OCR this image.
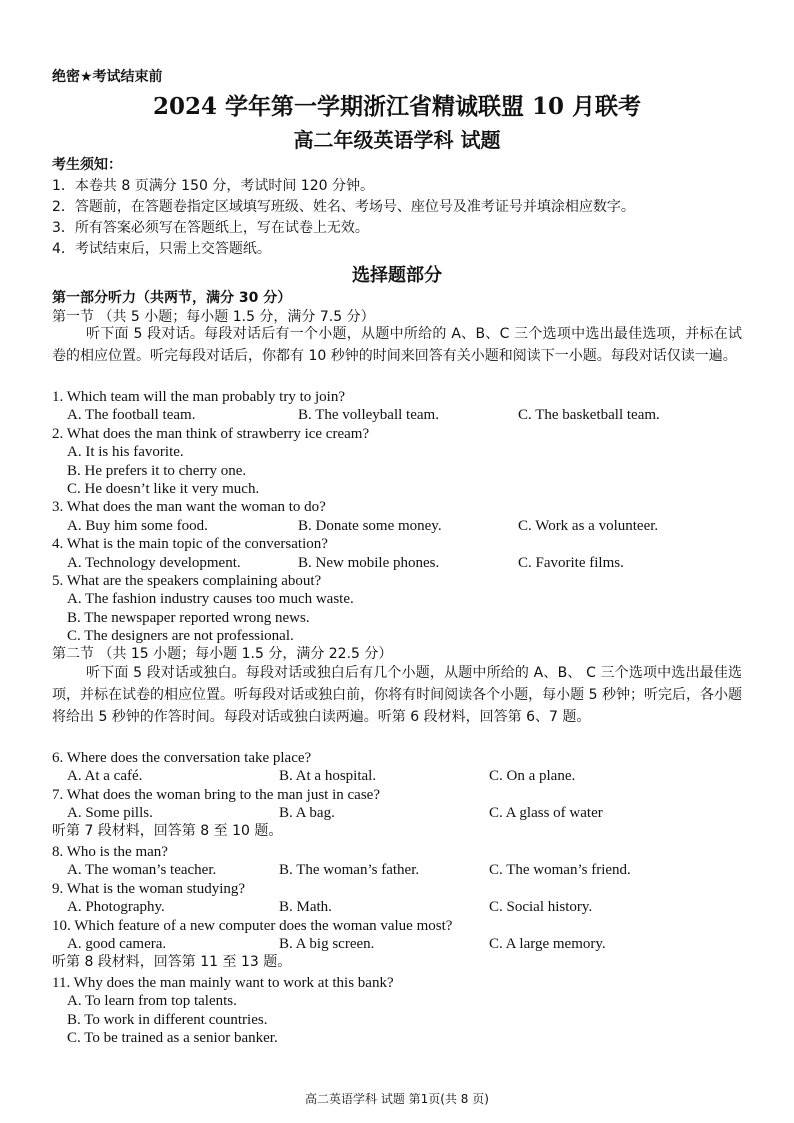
绝密★考试结束前
2024 学年第一学期浙江省精诚联盟 10 月联考
高二年级英语学科 试题
考生须知：
1．本卷共 8 页满分 150 分，考试时间 120 分钟。
2．答题前，在答题卷指定区域填写班级、姓名、考场号、座位号及准考证号并填涂相应数字。
3．所有答案必须写在答题纸上，写在试卷上无效。
4．考试结束后，只需上交答题纸。
选择题部分
第一部分听力（共两节，满分 30 分）
第一节 （共 5 小题；每小题 1.5 分，满分 7.5 分）

听下面 5 段对话。每段对话后有一个小题，从题中所给的 A、B、C 三个选项中选出最佳选项，并标在试卷的相应位置。听完每段对话后，你都有 10 秒钟的时间来回答有关小题和阅读下一小题。每段对话仅读一遍。

1. Which team will the man probably try to join?
A. The football team.	B. The volleyball team.	C. The basketball team.
2. What does the man think of strawberry ice cream?
A. It is his favorite.
B. He prefers it to cherry one.
C. He doesn’t like it very much.
3. What does the man want the woman to do?
A. Buy him some food.	B. Donate some money.	C. Work as a volunteer.
4. What is the main topic of the conversation?
A. Technology development.	B. New mobile phones.	C. Favorite films.
5. What are the speakers complaining about?
A. The fashion industry causes too much waste.
B. The newspaper reported wrong news.
C. The designers are not professional.
第二节 （共 15 小题；每小题 1.5 分，满分 22.5 分）

听下面 5 段对话或独白。每段对话或独白后有几个小题，从题中所给的 A、B、 C 三个选项中选出最佳选项，并标在试卷的相应位置。听每段对话或独白前，你将有时间阅读各个小题，每小题 5 秒钟；听完后，各小题将给出 5 秒钟的作答时间。每段对话或独白读两遍。听第 6 段材料，回答第 6、7 题。

6. Where does the conversation take place?
A. At a café.	B. At a hospital.	C. On a plane.
7. What does the woman bring to the man just in case?
A. Some pills.	B. A bag.	C. A glass of water
听第 7 段材料，回答第 8 至 10 题。
8. Who is the man?
A. The woman’s teacher.	B. The woman’s father.	C. The woman’s friend.
9. What is the woman studying?
A. Photography.	B. Math.	C. Social history.
10. Which feature of a new computer does the woman value most?
A. good camera.	B. A big screen.	C. A large memory.
听第 8 段材料，回答第 11 至 13 题。
11. Why does the man mainly want to work at this bank?
A. To learn from top talents.
B. To work in different countries.
C. To be trained as a senior banker.
高二英语学科 试题 第1页(共 8 页)
